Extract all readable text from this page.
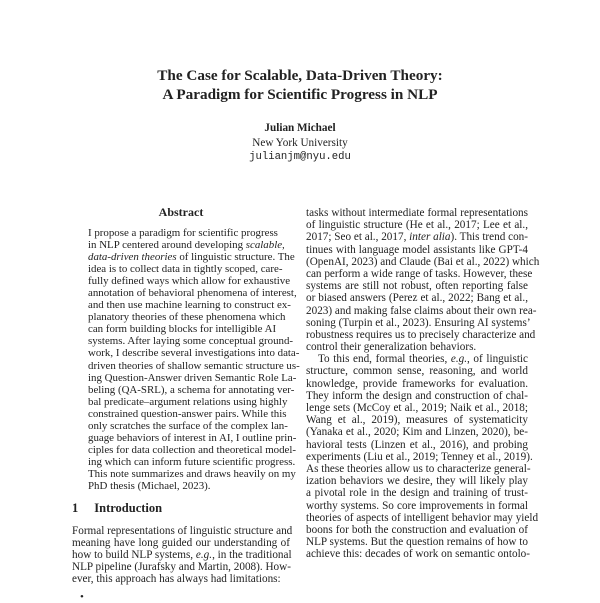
The Case for Scalable, Data-Driven Theory:
A Paradigm for Scientific Progress in NLP
Julian Michael
New York University
julianjm@nyu.edu
Abstract
I propose a paradigm for scientific progress
in NLP centered around developing scalable,
data-driven theories of linguistic structure. The
idea is to collect data in tightly scoped, care-
fully defined ways which allow for exhaustive
annotation of behavioral phenomena of interest,
and then use machine learning to construct ex-
planatory theories of these phenomena which
can form building blocks for intelligible AI
systems. After laying some conceptual ground-
work, I describe several investigations into data-
driven theories of shallow semantic structure us-
ing Question-Answer driven Semantic Role La-
beling (QA-SRL), a schema for annotating ver-
bal predicate–argument relations using highly
constrained question-answer pairs. While this
only scratches the surface of the complex lan-
guage behaviors of interest in AI, I outline prin-
ciples for data collection and theoretical model-
ing which can inform future scientific progress.
This note summarizes and draws heavily on my
PhD thesis (Michael, 2023).
1 Introduction
Formal representations of linguistic structure and
meaning have long guided our understanding of
how to build NLP systems, e.g., in the traditional
NLP pipeline (Jurafsky and Martin, 2008). How-
ever, this approach has always had limitations:
•
tasks without intermediate formal representations
of linguistic structure (He et al., 2017; Lee et al.,
2017; Seo et al., 2017, inter alia). This trend con-
tinues with language model assistants like GPT-4
(OpenAI, 2023) and Claude (Bai et al., 2022) which
can perform a wide range of tasks. However, these
systems are still not robust, often reporting false
or biased answers (Perez et al., 2022; Bang et al.,
2023) and making false claims about their own rea-
soning (Turpin et al., 2023). Ensuring AI systems’
robustness requires us to precisely characterize and
control their generalization behaviors.
To this end, formal theories, e.g., of linguistic
structure, common sense, reasoning, and world
knowledge, provide frameworks for evaluation.
They inform the design and construction of chal-
lenge sets (McCoy et al., 2019; Naik et al., 2018;
Wang et al., 2019), measures of systematicity
(Yanaka et al., 2020; Kim and Linzen, 2020), be-
havioral tests (Linzen et al., 2016), and probing
experiments (Liu et al., 2019; Tenney et al., 2019).
As these theories allow us to characterize general-
ization behaviors we desire, they will likely play
a pivotal role in the design and training of trust-
worthy systems. So core improvements in formal
theories of aspects of intelligent behavior may yield
boons for both the construction and evaluation of
NLP systems. But the question remains of how to
achieve this: decades of work on semantic ontolo-
